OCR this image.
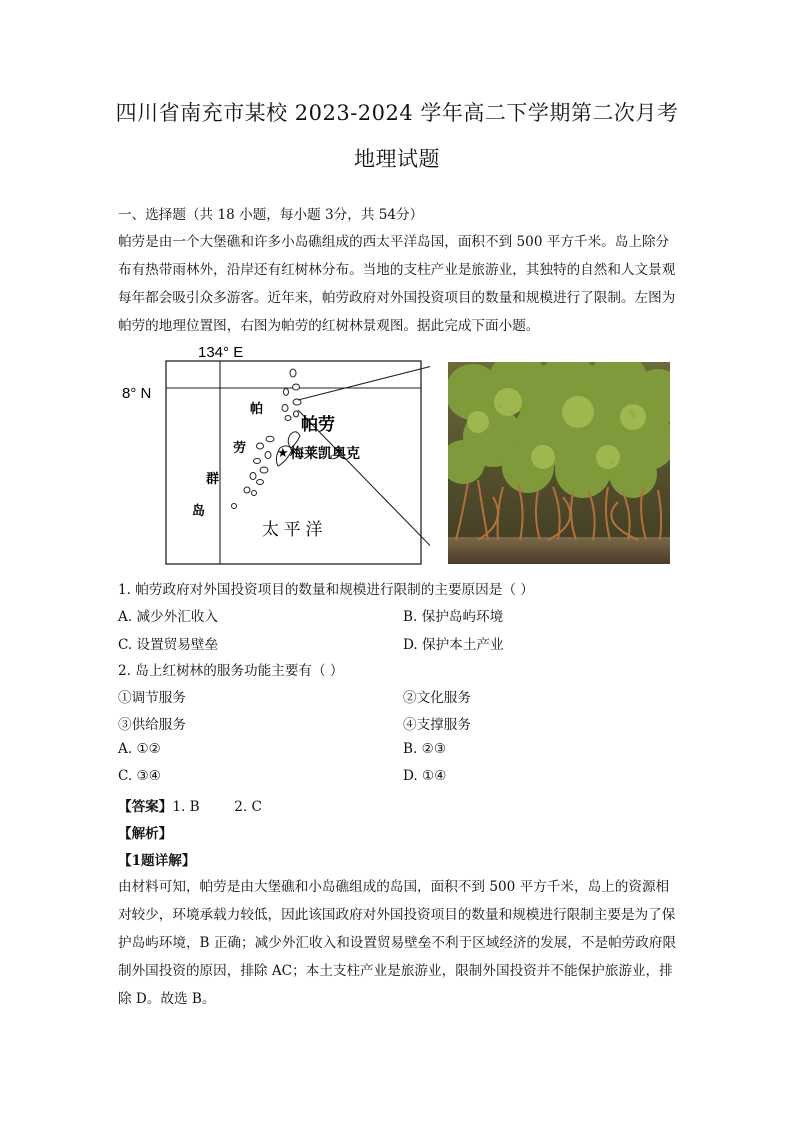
四川省南充市某校 2023-2024 学年高二下学期第二次月考
地理试题
一、选择题（共 18 小题，每小题 3分，共 54分）
帕劳是由一个大堡礁和许多小岛礁组成的西太平洋岛国，面积不到 500 平方千米。岛上除分布有热带雨林外，沿岸还有红树林分布。当地的支柱产业是旅游业，其独特的自然和人文景观每年都会吸引众多游客。近年来，帕劳政府对外国投资项目的数量和规模进行了限制。左图为帕劳的地理位置图，右图为帕劳的红树林景观图。据此完成下面小题。
134° E
8° N
帕劳
★ 梅莱凯奥克
帕
劳
群
岛
太 平 洋
1. 帕劳政府对外国投资项目的数量和规模进行限制的主要原因是（ ）
A. 减少外汇收入	B. 保护岛屿环境
C. 设置贸易壁垒	D. 保护本土产业
2. 岛上红树林的服务功能主要有（ ）
①调节服务	②文化服务
③供给服务	④支撑服务
A. ①②	B. ②③
C. ③④	D. ①④
【答案】1. B        2. C
【解析】
【1题详解】
由材料可知，帕劳是由大堡礁和小岛礁组成的岛国，面积不到 500 平方千米，岛上的资源相对较少，环境承载力较低，因此该国政府对外国投资项目的数量和规模进行限制主要是为了保护岛屿环境，B 正确；减少外汇收入和设置贸易壁垒不利于区域经济的发展，不是帕劳政府限制外国投资的原因，排除 AC；本土支柱产业是旅游业，限制外国投资并不能保护旅游业，排除 D。故选 B。
